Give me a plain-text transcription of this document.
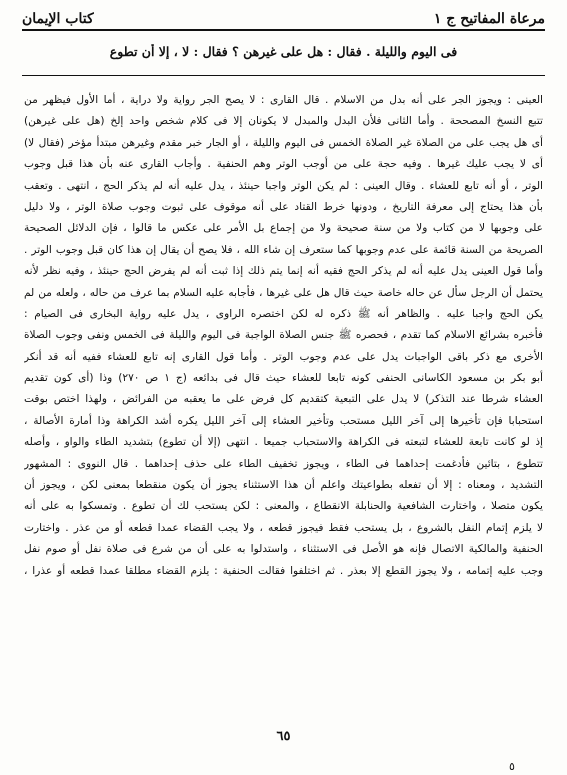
مرعاة المفاتيح ج ١
كتاب الإيمان
فى اليوم والليلة . فقال : هل على غيرهن ؟ فقال : لا ، إلا أن تطوع
العينى : ويجوز الجر على أنه بدل من الاسلام . قال القارى : لا يصح الجر رواية ولا دراية ، أما الأول فيظهر من
تتبع النسخ المصححة . وأما الثانى فلأن البدل والمبدل لا يكونان إلا فى كلام شخص واحد إلخ (هل على غيرهن)
أى هل يجب على من الصلاة غير الصلاة الخمس فى اليوم والليلة ، أو الجار خبر مقدم وغيرهن مبتدأ مؤخر (فقال لا)
أى لا يجب عليك غيرها . وفيه حجة على من أوجب الوتر وهم الحنفية . وأجاب القارى عنه بأن هذا قبل وجوب
الوتر ، أو أنه تابع للعشاء . وقال العينى : لم يكن الوتر واجبا حينئذ ، يدل عليه أنه لم يذكر الحج ، انتهى . وتعقب
بأن هذا يحتاج إلى معرفة التاريخ ، ودونها خرط القتاد على أنه موقوف على ثبوت وجوب صلاة الوتر ، ولا دليل
على وجوبها لا من كتاب ولا من سنة صحيحة ولا من إجماع بل الأمر على عكس ما قالوا ، فإن الدلائل الصحيحة
الصريحة من السنة قائمة على عدم وجوبها كما ستعرف إن شاء الله ، فلا يصح أن يقال إن هذا كان قبل وجوب الوتر .
وأما قول العينى يدل عليه أنه لم يذكر الحج فقيه أنه إنما يتم ذلك إذا ثبت أنه لم يفرض الحج حينئذ ، وفيه نظر لأنه
يحتمل أن الرجل سأل عن حاله خاصة حيث قال هل على غيرها ، فأجابه عليه السلام بما عرف من حاله ، ولعله من لم
يكن الحج واجبا عليه . والظاهر أنه ﷺ ذكره له لكن اختصره الراوى ، يدل عليه رواية البخارى فى الصيام :
فأخبره بشرائع الاسلام كما تقدم ، فحصره ﷺ جنس الصلاة الواجبة فى اليوم والليلة فى الخمس ونفى وجوب الصلاة
الأخرى مع ذكر باقى الواجبات يدل على عدم وجوب الوتر . وأما قول القارى إنه تابع للعشاء ففيه أنه قد أنكر
أبو بكر بن مسعود الكاسانى الحنفى كونه تابعا للعشاء حيث قال فى بدائعه (ج ١ ص ٢٧٠) وذا (أى كون تقديم
العشاء شرطا عند التذكر) لا يدل على التبعية كتقديم كل فرض على ما يعقبه من الفرائض ، ولهذا اختص بوقت
استحبابا فإن تأخيرها إلى آخر الليل مستحب وتأخير العشاء إلى آخر الليل يكره أشد الكراهة وذا أمارة الأصالة ،
إذ لو كانت تابعة للعشاء لتبعته فى الكراهة والاستحباب جميعا . انتهى (إلا أن تطوع) بتشديد الطاء والواو ، وأصله
تتطوع ، بتائين فأدغمت إحداهما فى الطاء ، ويجوز تخفيف الطاء على حذف إحداهما . قال النووى : المشهور
التشديد ، ومعناه : إلا أن تفعله بطواعيتك واعلم أن هذا الاستثناء يجوز أن يكون منقطعا بمعنى لكن ، ويجوز أن
يكون متصلا ، واختارت الشافعية والحنابلة الانقطاع ، والمعنى : لكن يستحب لك أن تطوع . وتمسكوا به على أنه
لا يلزم إتمام النفل بالشروع ، بل يستحب فقط فيجوز قطعه ، ولا يجب القضاء عمدا قطعه أو من عذر . واختارت
الحنفية والمالكية الاتصال فإنه هو الأصل فى الاستثناء ، واستدلوا به على أن من شرع فى صلاة نفل أو صوم نفل
وجب عليه إتمامه ، ولا يجوز القطع إلا بعذر . ثم اختلفوا فقالت الحنفية : يلزم القضاء مطلقا عمدا قطعه أو عذرا ،
٦٥
٥
